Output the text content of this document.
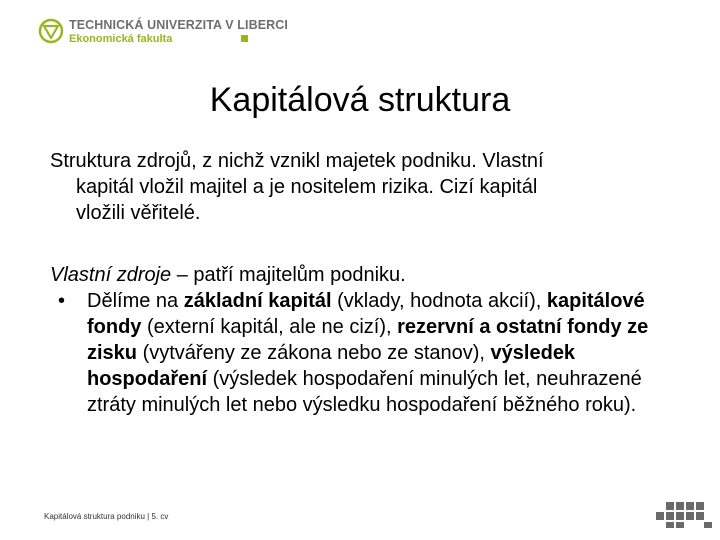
TECHNICKÁ UNIVERZITA V LIBERCI
Ekonomická fakulta
Kapitálová struktura
Struktura zdrojů, z nichž vznikl majetek podniku. Vlastní
kapitál vložil majitel a je nositelem rizika. Cizí kapitál
vložili věřitelé.
Vlastní zdroje – patří majitelům podniku.
•	Dělíme na základní kapitál (vklady, hodnota akcií), kapitálové fondy (externí kapitál, ale ne cizí), rezervní a ostatní fondy ze zisku (vytvářeny ze zákona nebo ze stanov), výsledek hospodaření (výsledek hospodaření minulých let, neuhrazené ztráty minulých let nebo výsledku hospodaření běžného roku).
Kapitálová struktura podniku | 5. cv
